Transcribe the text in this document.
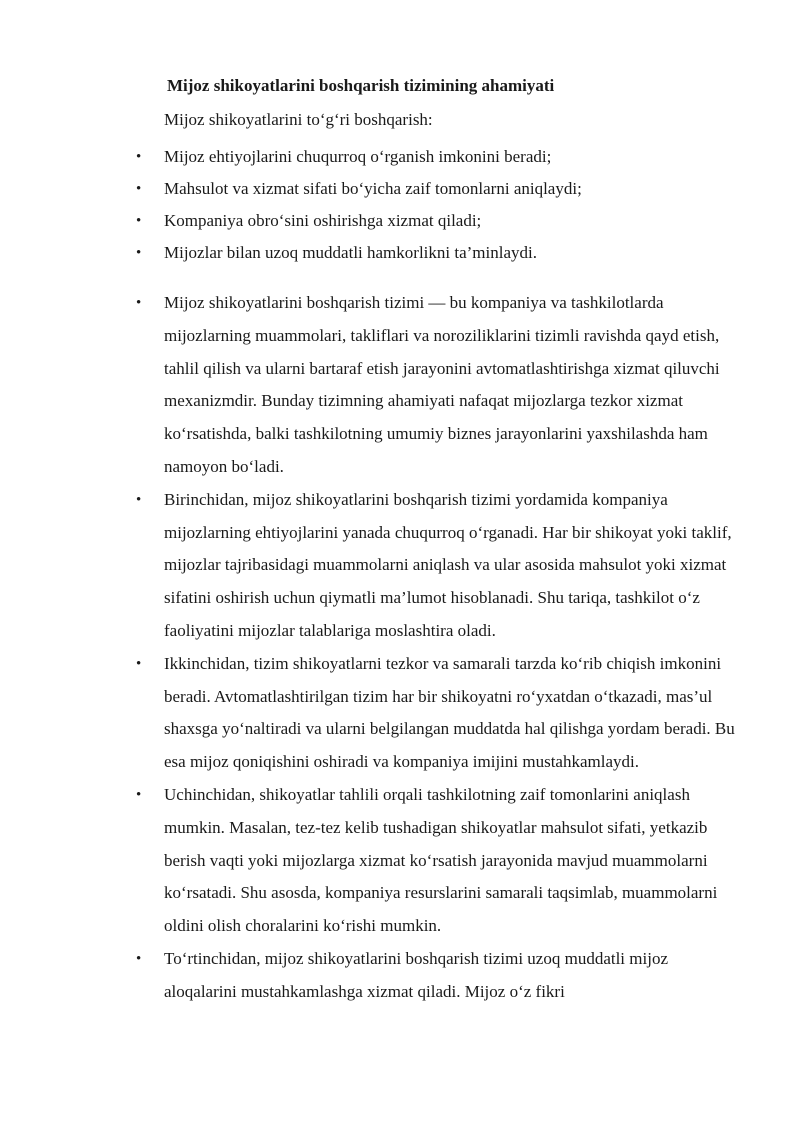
Mijoz shikoyatlarini boshqarish tizimining ahamiyati
Mijoz shikoyatlarini to‘g‘ri boshqarish:
• Mijoz ehtiyojlarini chuqurroq o‘rganish imkonini beradi;
• Mahsulot va xizmat sifati bo‘yicha zaif tomonlarni aniqlaydi;
• Kompaniya obro‘sini oshirishga xizmat qiladi;
• Mijozlar bilan uzoq muddatli hamkorlikni ta’minlaydi.
• Mijoz shikoyatlarini boshqarish tizimi — bu kompaniya va tashkilotlarda mijozlarning muammolari, takliflari va noroziliklarini tizimli ravishda qayd etish, tahlil qilish va ularni bartaraf etish jarayonini avtomatlashtirishga xizmat qiluvchi mexanizmdir. Bunday tizimning ahamiyati nafaqat mijozlarga tezkor xizmat ko‘rsatishda, balki tashkilotning umumiy biznes jarayonlarini yaxshilashda ham namoyon bo‘ladi.
• Birinchidan, mijoz shikoyatlarini boshqarish tizimi yordamida kompaniya mijozlarning ehtiyojlarini yanada chuqurroq o‘rganadi. Har bir shikoyat yoki taklif, mijozlar tajribasidagi muammolarni aniqlash va ular asosida mahsulot yoki xizmat sifatini oshirish uchun qiymatli ma’lumot hisoblanadi. Shu tariqa, tashkilot o‘z faoliyatini mijozlar talablariga moslashtira oladi.
• Ikkinchidan, tizim shikoyatlarni tezkor va samarali tarzda ko‘rib chiqish imkonini beradi. Avtomatlashtirilgan tizim har bir shikoyatni ro‘yxatdan o‘tkazadi, mas’ul shaxsga yo‘naltiradi va ularni belgilangan muddatda hal qilishga yordam beradi. Bu esa mijoz qoniqishini oshiradi va kompaniya imijini mustahkamlaydi.
• Uchinchidan, shikoyatlar tahlili orqali tashkilotning zaif tomonlarini aniqlash mumkin. Masalan, tez-tez kelib tushadigan shikoyatlar mahsulot sifati, yetkazib berish vaqti yoki mijozlarga xizmat ko‘rsatish jarayonida mavjud muammolarni ko‘rsatadi. Shu asosda, kompaniya resurslarini samarali taqsimlab, muammolarni oldini olish choralarini ko‘rishi mumkin.
• To‘rtinchidan, mijoz shikoyatlarini boshqarish tizimi uzoq muddatli mijoz aloqalarini mustahkamlashga xizmat qiladi. Mijoz o‘z fikri
